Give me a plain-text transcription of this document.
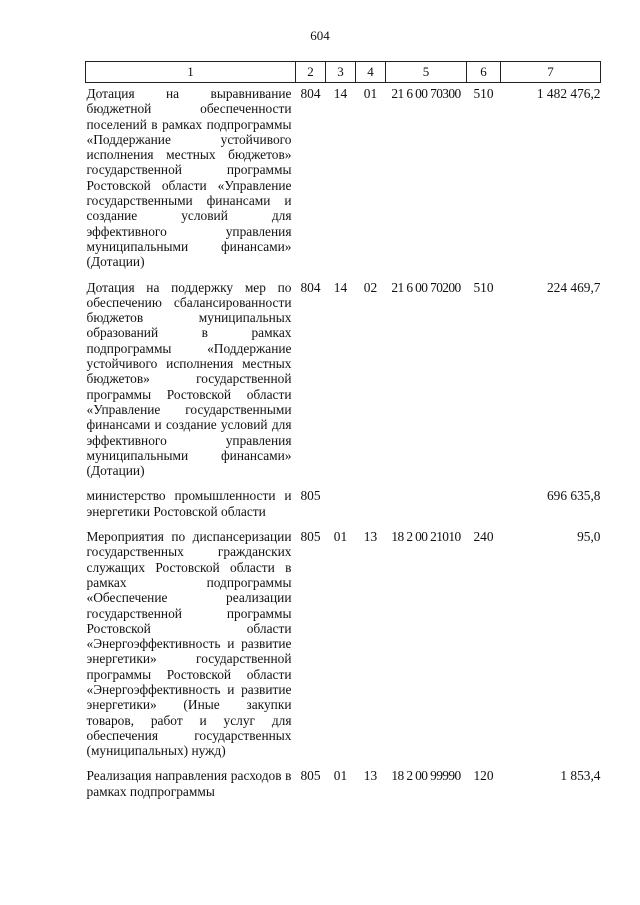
604
1	2	3	4	5	6	7
Дотация на выравнивание бюджетной обеспеченности поселений в рамках подпрограммы «Поддержание устойчивого исполнения местных бюджетов» государственной программы Ростовской области «Управление государственными финансами и создание условий для эффективного управления муниципальными финансами» (Дотации)	804	14	01	21 6 00 70300	510	1 482 476,2
Дотация на поддержку мер по обеспечению сбалансированности бюджетов муниципальных образований в рамках подпрограммы «Поддержание устойчивого исполнения местных бюджетов» государственной программы Ростовской области «Управление государственными финансами и создание условий для эффективного управления муниципальными финансами» (Дотации)	804	14	02	21 6 00 70200	510	224 469,7
министерство промышленности и энергетики Ростовской области	805					696 635,8
Мероприятия по диспансеризации государственных гражданских служащих Ростовской области в рамках подпрограммы «Обеспечение реализации государственной программы Ростовской области «Энергоэффективность и развитие энергетики» государственной программы Ростовской области «Энергоэффективность и развитие энергетики» (Иные закупки товаров, работ и услуг для обеспечения государственных (муниципальных) нужд)	805	01	13	18 2 00 21010	240	95,0
Реализация направления расходов в рамках подпрограммы	805	01	13	18 2 00 99990	120	1 853,4
